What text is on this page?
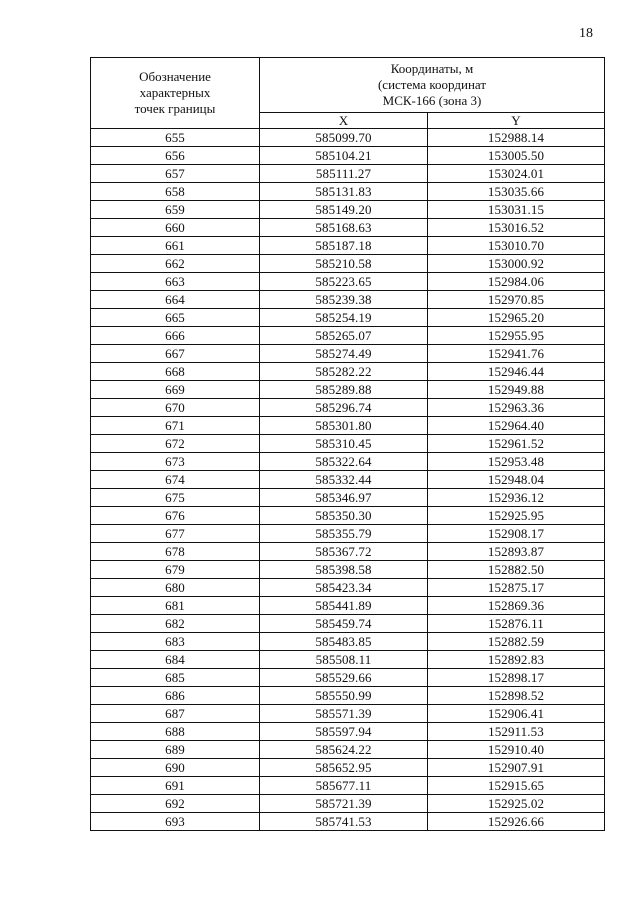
18
Обозначение
характерных
точек границы	Координаты, м
(система координат
МСК-166 (зона 3)	

	X	Y
655	585099.70	152988.14
656	585104.21	153005.50
657	585111.27	153024.01
658	585131.83	153035.66
659	585149.20	153031.15
660	585168.63	153016.52
661	585187.18	153010.70
662	585210.58	153000.92
663	585223.65	152984.06
664	585239.38	152970.85
665	585254.19	152965.20
666	585265.07	152955.95
667	585274.49	152941.76
668	585282.22	152946.44
669	585289.88	152949.88
670	585296.74	152963.36
671	585301.80	152964.40
672	585310.45	152961.52
673	585322.64	152953.48
674	585332.44	152948.04
675	585346.97	152936.12
676	585350.30	152925.95
677	585355.79	152908.17
678	585367.72	152893.87
679	585398.58	152882.50
680	585423.34	152875.17
681	585441.89	152869.36
682	585459.74	152876.11
683	585483.85	152882.59
684	585508.11	152892.83
685	585529.66	152898.17
686	585550.99	152898.52
687	585571.39	152906.41
688	585597.94	152911.53
689	585624.22	152910.40
690	585652.95	152907.91
691	585677.11	152915.65
692	585721.39	152925.02
693	585741.53	152926.66
